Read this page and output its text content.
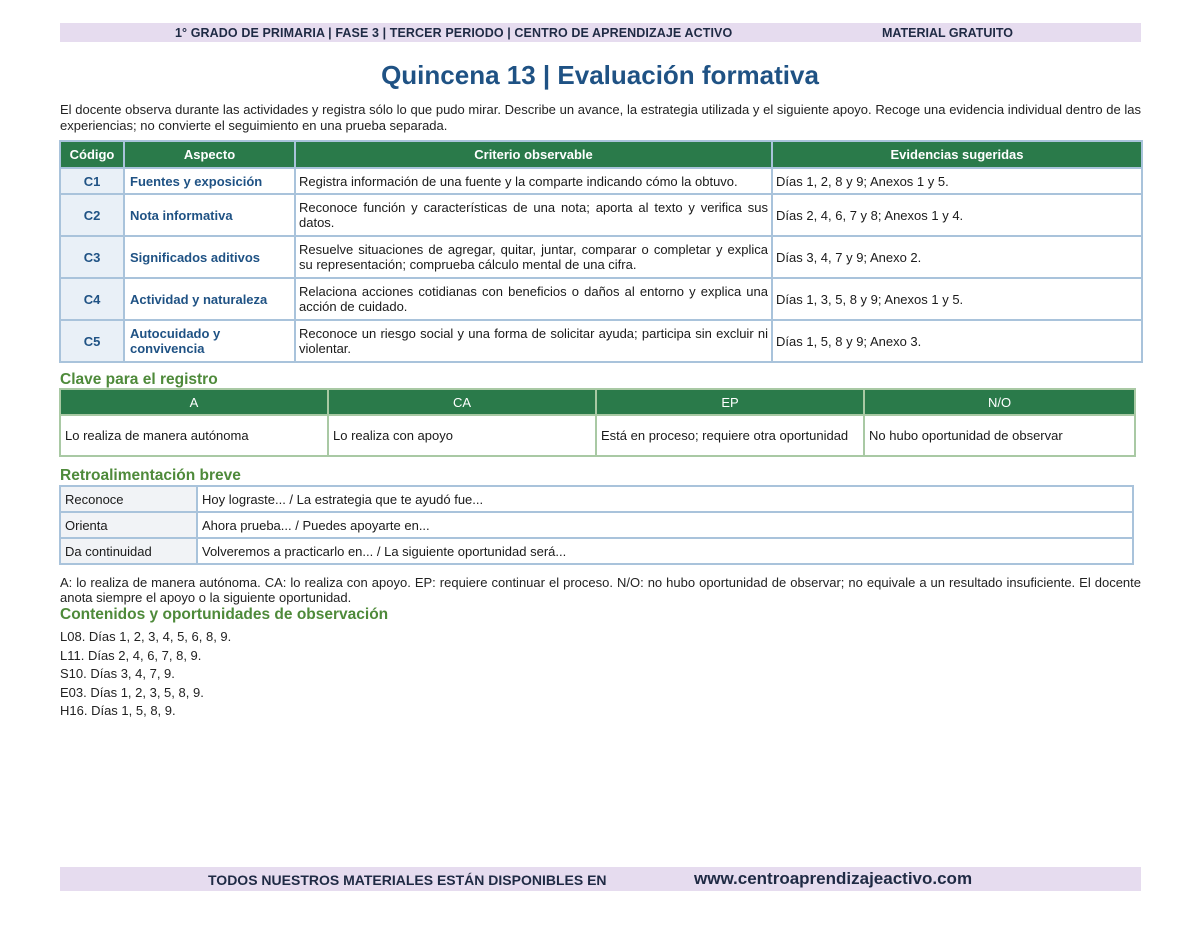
1° GRADO DE PRIMARIA | FASE 3 | TERCER PERIODO | CENTRO DE APRENDIZAJE ACTIVO	MATERIAL GRATUITO
Quincena 13 | Evaluación formativa

El docente observa durante las actividades y registra sólo lo que pudo mirar. Describe un avance, la estrategia utilizada y el siguiente apoyo. Recoge una evidencia individual dentro de las experiencias; no convierte el seguimiento en una prueba separada.

Código	Aspecto	Criterio observable	Evidencias sugeridas
C1	Fuentes y exposición	Registra información de una fuente y la comparte indicando cómo la obtuvo.	Días 1, 2, 8 y 9; Anexos 1 y 5.
C2	Nota informativa	Reconoce función y características de una nota; aporta al texto y verifica sus datos.	Días 2, 4, 6, 7 y 8; Anexos 1 y 4.
C3	Significados aditivos	Resuelve situaciones de agregar, quitar, juntar, comparar o completar y explica su representación; comprueba cálculo mental de una cifra.	Días 3, 4, 7 y 9; Anexo 2.
C4	Actividad y naturaleza	Relaciona acciones cotidianas con beneficios o daños al entorno y explica una acción de cuidado.	Días 1, 3, 5, 8 y 9; Anexos 1 y 5.
C5	Autocuidado y convivencia	Reconoce un riesgo social y una forma de solicitar ayuda; participa sin excluir ni violentar.	Días 1, 5, 8 y 9; Anexo 3.
Clave para el registro
A	CA	EP	N/O
Lo realiza de manera autónoma	Lo realiza con apoyo	Está en proceso; requiere otra oportunidad	No hubo oportunidad de observar
Retroalimentación breve
Reconoce	Hoy lograste... / La estrategia que te ayudó fue...
Orienta	Ahora prueba... / Puedes apoyarte en...
Da continuidad	Volveremos a practicarlo en... / La siguiente oportunidad será...

A: lo realiza de manera autónoma. CA: lo realiza con apoyo. EP: requiere continuar el proceso. N/O: no hubo oportunidad de observar; no equivale a un resultado insuficiente. El docente anota siempre el apoyo o la siguiente oportunidad.

Contenidos y oportunidades de observación
L08. Días 1, 2, 3, 4, 5, 6, 8, 9.
L11. Días 2, 4, 6, 7, 8, 9.
S10. Días 3, 4, 7, 9.
E03. Días 1, 2, 3, 5, 8, 9.
H16. Días 1, 5, 8, 9.
TODOS NUESTROS MATERIALES ESTÁN DISPONIBLES EN	www.centroaprendizajeactivo.com
